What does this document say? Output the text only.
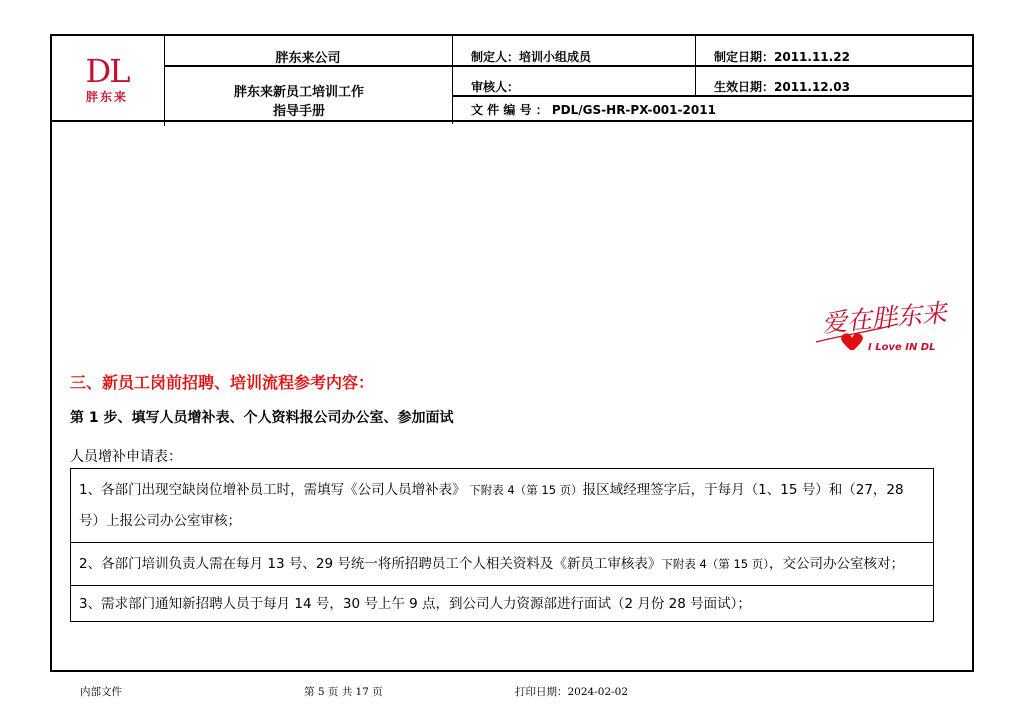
DL
胖东来
胖东来公司
胖东来新员工培训工作
指导手册
制定人：培训小组成员
审核人：
文 件 编 号 ： PDL/GS-HR-PX-001-2011
制定日期：2011.11.22
生效日期：2011.12.03
爱在胖东来
I Love IN DL
三、新员工岗前招聘、培训流程参考内容：
第 1 步、填写人员增补表、个人资料报公司办公室、参加面试
人员增补申请表：
1、各部门出现空缺岗位增补员工时，需填写《公司人员增补表》 下附表 4（第 15 页）报区域经理签字后，于每月（1、15 号）和（27，28 号）上报公司办公室审核；
2、各部门培训负责人需在每月 13 号、29 号统一将所招聘员工个人相关资料及《新员工审核表》下附表 4（第 15 页），交公司办公室核对；
3、需求部门通知新招聘人员于每月 14 号，30 号上午 9 点，到公司人力资源部进行面试（2 月份 28 号面试）；
内部文件	第 5 页 共 17 页	打印日期：2024-02-02
